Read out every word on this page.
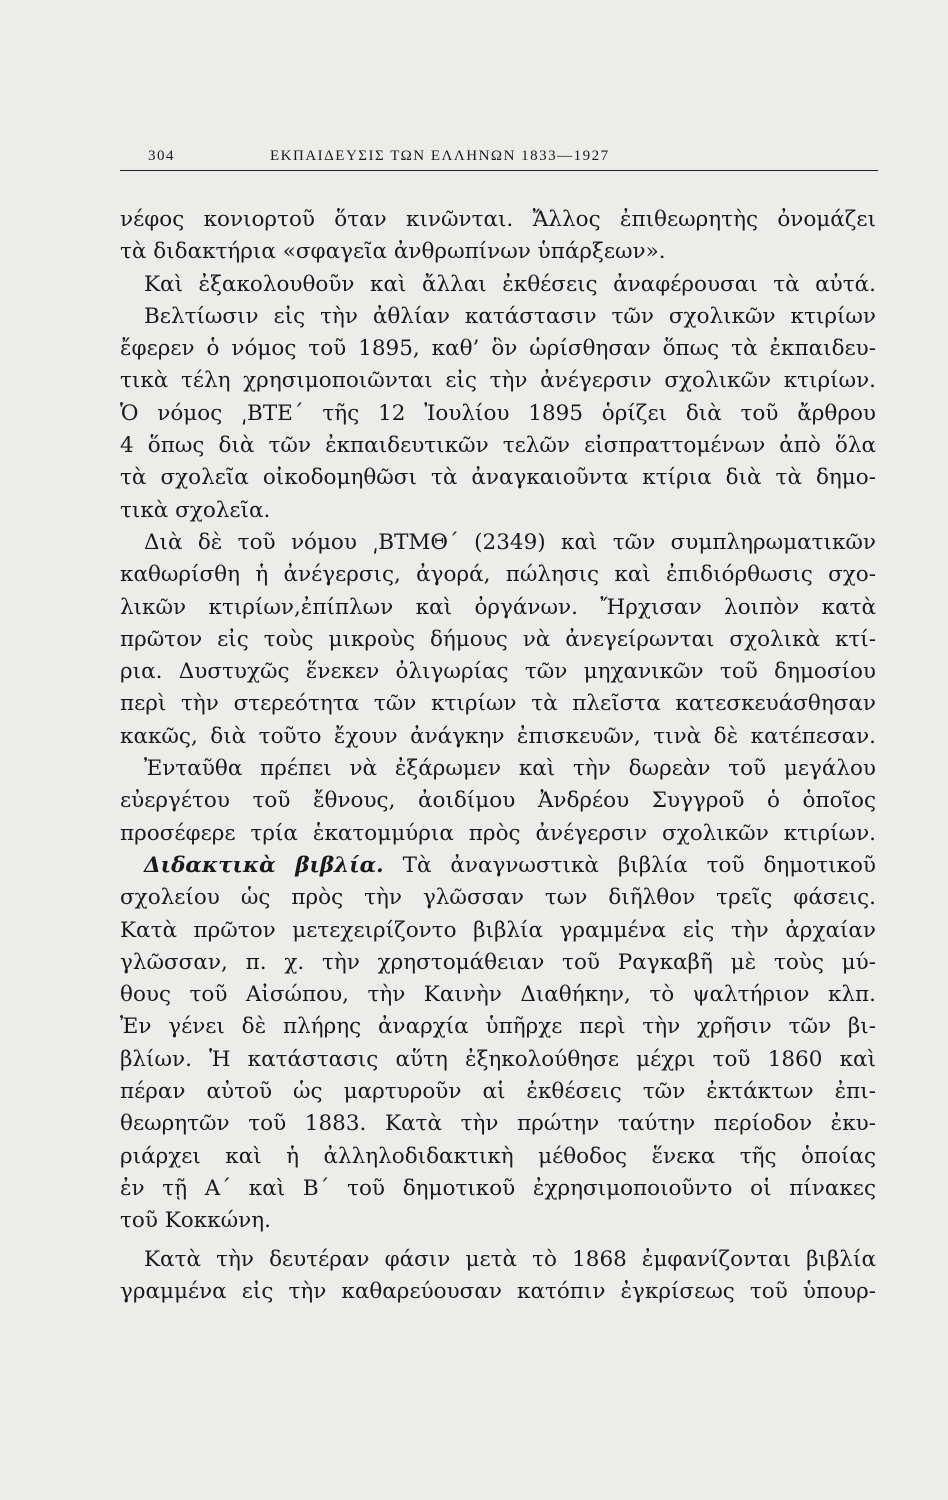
304	ΕΚΠΑΙΔΕΥΣΙΣ ΤΩΝ ΕΛΛΗΝΩΝ 1833—1927
νέφος κονιορτοῦ ὅταν κινῶνται. Ἄλλος ἐπιθεωρητὴς ὀνομάζει
τὰ διδακτήρια «σφαγεῖα ἀνθρωπίνων ὑπάρξεων».
Καὶ ἐξακολουθοῦν καὶ ἄλλαι ἐκθέσεις ἀναφέρουσαι τὰ αὐτά.
Βελτίωσιν εἰς τὴν ἀθλίαν κατάστασιν τῶν σχολικῶν κτιρίων
ἔφερεν ὁ νόμος τοῦ 1895, καθ’ ὃν ὡρίσθησαν ὅπως τὰ ἐκπαιδευ-
τικὰ τέλη χρησιμοποιῶνται εἰς τὴν ἀνέγερσιν σχολικῶν κτιρίων.
Ὁ νόμος ͵ΒΤΕ΄ τῆς 12 Ἰουλίου 1895 ὁρίζει διὰ τοῦ ἄρθρου
4 ὅπως διὰ τῶν ἐκπαιδευτικῶν τελῶν εἰσπραττομένων ἀπὸ ὅλα
τὰ σχολεῖα οἰκοδομηθῶσι τὰ ἀναγκαιοῦντα κτίρια διὰ τὰ δημο-
τικὰ σχολεῖα.
Διὰ δὲ τοῦ νόμου ͵ΒΤΜΘ΄ (2349) καὶ τῶν συμπληρωματικῶν
καθωρίσθη ἡ ἀνέγερσις, ἀγορά, πώλησις καὶ ἐπιδιόρθωσις σχο-
λικῶν κτιρίων,ἐπίπλων καὶ ὀργάνων. Ἤρχισαν λοιπὸν κατὰ
πρῶτον εἰς τοὺς μικροὺς δήμους νὰ ἀνεγείρωνται σχολικὰ κτί-
ρια. Δυστυχῶς ἕνεκεν ὀλιγωρίας τῶν μηχανικῶν τοῦ δημοσίου
περὶ τὴν στερεότητα τῶν κτιρίων τὰ πλεῖστα κατεσκευάσθησαν
κακῶς, διὰ τοῦτο ἔχουν ἀνάγκην ἐπισκευῶν, τινὰ δὲ κατέπεσαν.
Ἐνταῦθα πρέπει νὰ ἐξάρωμεν καὶ τὴν δωρεὰν τοῦ μεγάλου
εὐεργέτου τοῦ ἔθνους, ἀοιδίμου Ἀνδρέου Συγγροῦ ὁ ὁποῖος
προσέφερε τρία ἑκατομμύρια πρὸς ἀνέγερσιν σχολικῶν κτιρίων.
Διδακτικὰ βιβλία. Τὰ ἀναγνωστικὰ βιβλία τοῦ δημοτικοῦ
σχολείου ὡς πρὸς τὴν γλῶσσαν των διῆλθον τρεῖς φάσεις.
Κατὰ πρῶτον μετεχειρίζοντο βιβλία γραμμένα εἰς τὴν ἀρχαίαν
γλῶσσαν, π. χ. τὴν χρηστομάθειαν τοῦ Ραγκαβῆ μὲ τοὺς μύ-
θους τοῦ Αἰσώπου, τὴν Καινὴν Διαθήκην, τὸ ψαλτήριον κλπ.
Ἐν γένει δὲ πλήρης ἀναρχία ὑπῆρχε περὶ τὴν χρῆσιν τῶν βι-
βλίων. Ἡ κατάστασις αὕτη ἐξηκολούθησε μέχρι τοῦ 1860 καὶ
πέραν αὐτοῦ ὡς μαρτυροῦν αἱ ἐκθέσεις τῶν ἐκτάκτων ἐπι-
θεωρητῶν τοῦ 1883. Κατὰ τὴν πρώτην ταύτην περίοδον ἐκυ-
ριάρχει καὶ ἡ ἀλληλοδιδακτικὴ μέθοδος ἕνεκα τῆς ὁποίας
ἐν τῇ Α΄ καὶ Β΄ τοῦ δημοτικοῦ ἐχρησιμοποιοῦντο οἱ πίνακες
τοῦ Κοκκώνη.
Κατὰ τὴν δευτέραν φάσιν μετὰ τὸ 1868 ἐμφανίζονται βιβλία
γραμμένα εἰς τὴν καθαρεύουσαν κατόπιν ἐγκρίσεως τοῦ ὑπουρ-
